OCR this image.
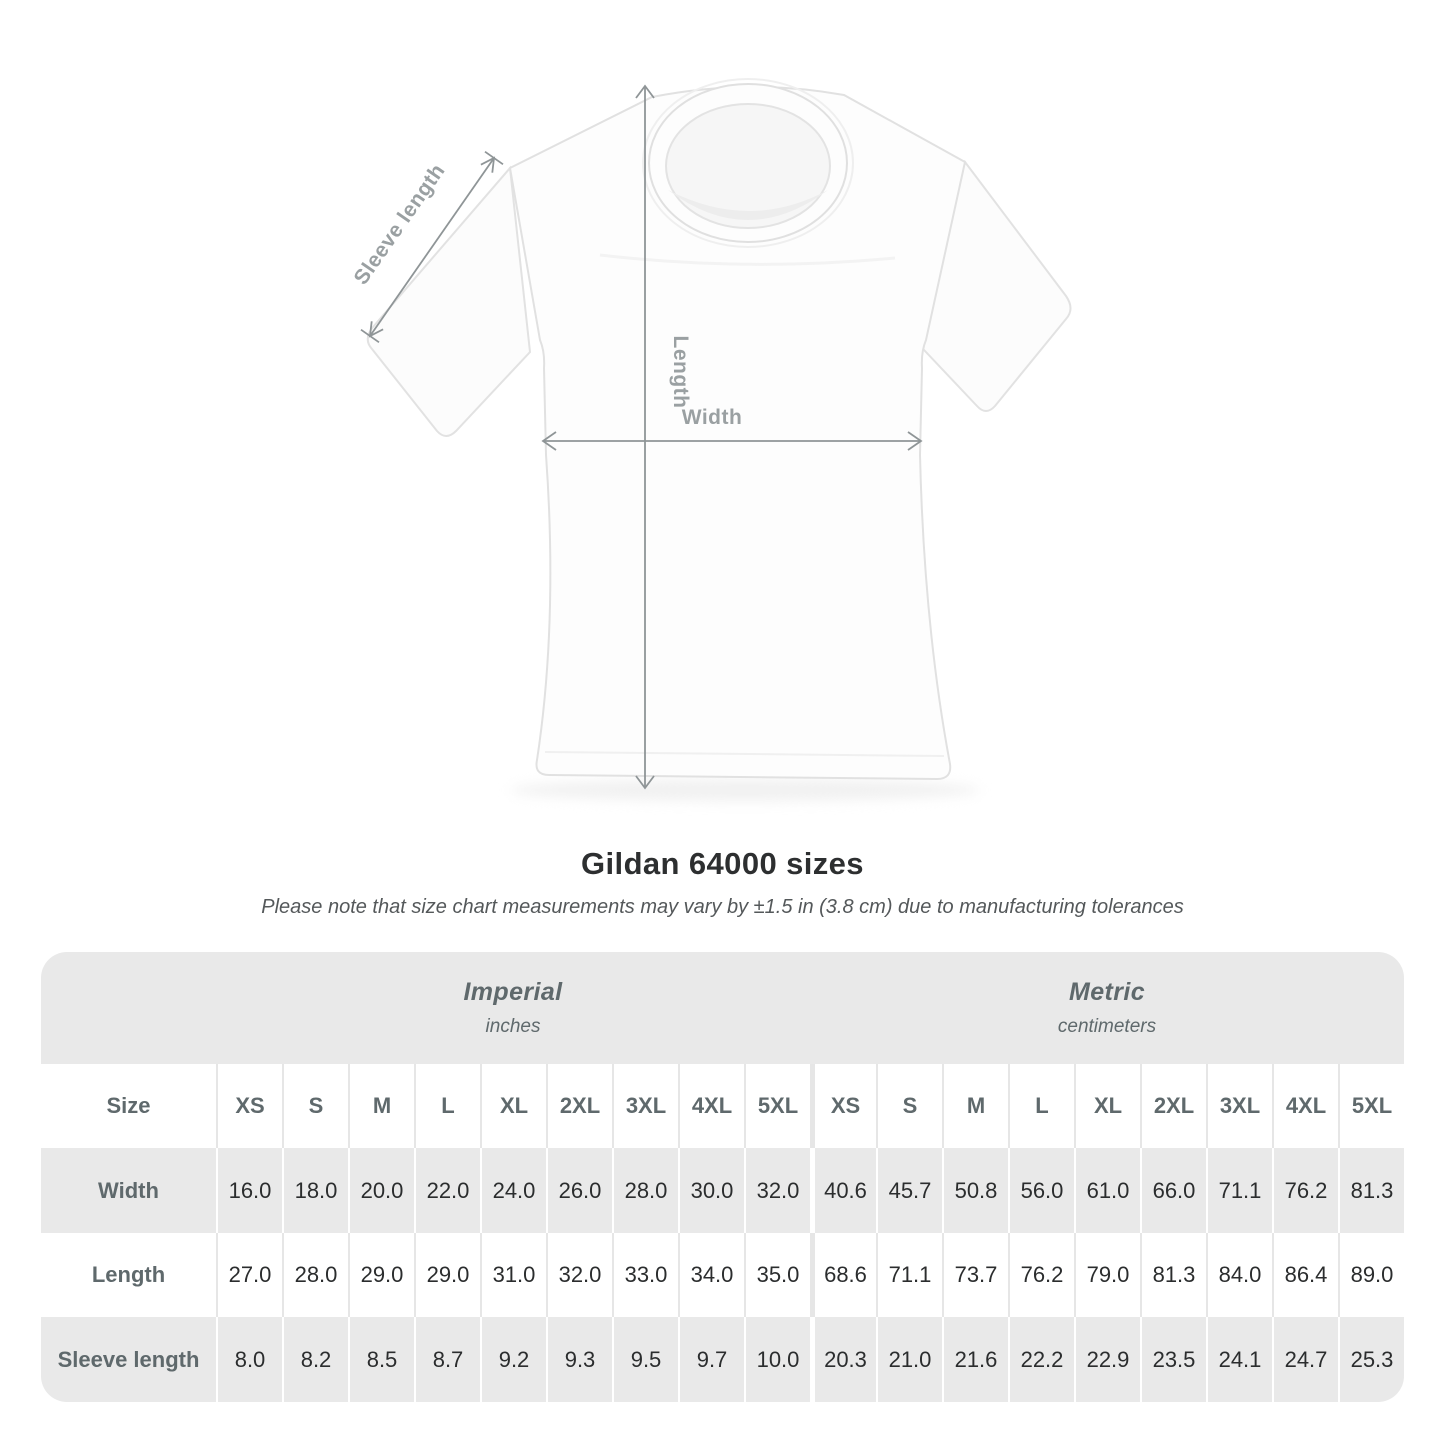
Length
Width
Sleeve length
Gildan 64000 sizes

Please note that size chart measurements may vary by ±1.5 in (3.8 cm) due to manufacturing tolerances

Imperial
inches
Metric
centimeters
Size	XS S M L XL 2XL 3XL 4XL 5XL XS S M L XL 2XL 3XL 4XL 5XL
Width	16.0 18.0 20.0 22.0 24.0 26.0 28.0 30.0 32.0 40.6 45.7 50.8 56.0 61.0 66.0 71.1 76.2 81.3
Length	27.0 28.0 29.0 29.0 31.0 32.0 33.0 34.0 35.0 68.6 71.1 73.7 76.2 79.0 81.3 84.0 86.4 89.0
Sleeve length 8.0 8.2 8.5 8.7 9.2 9.3 9.5 9.7 10.0 20.3 21.0 21.6 22.2 22.9 23.5 24.1 24.7 25.3
